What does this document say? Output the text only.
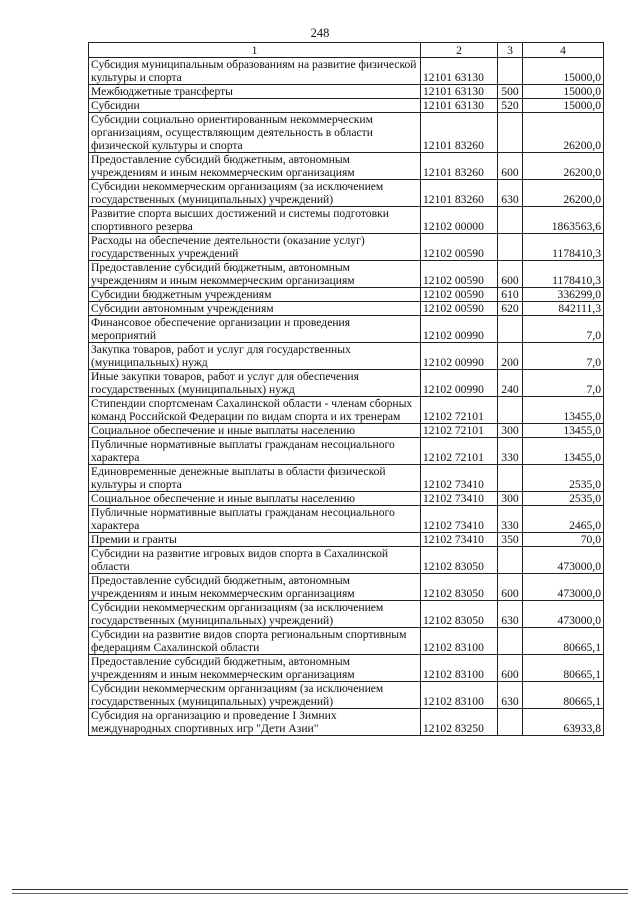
248
1	2	3	4
Субсидия муниципальным образованиям на развитие физической культуры и спорта	12101 63130		15000,0
Межбюджетные трансферты	12101 63130	500	15000,0
Субсидии	12101 63130	520	15000,0
Субсидии социально ориентированным некоммерческим организациям, осуществляющим деятельность в области физической культуры и спорта	12101 83260		26200,0
Предоставление субсидий бюджетным, автономным учреждениям и иным некоммерческим организациям	12101 83260	600	26200,0
Субсидии некоммерческим организациям (за исключением государственных (муниципальных) учреждений)	12101 83260	630	26200,0
Развитие спорта высших достижений и системы подготовки спортивного резерва	12102 00000		1863563,6
Расходы на обеспечение деятельности (оказание услуг) государственных учреждений	12102 00590		1178410,3
Предоставление субсидий бюджетным, автономным учреждениям и иным некоммерческим организациям	12102 00590	600	1178410,3
Субсидии бюджетным учреждениям	12102 00590	610	336299,0
Субсидии автономным учреждениям	12102 00590	620	842111,3
Финансовое обеспечение организации и проведения мероприятий	12102 00990		7,0
Закупка товаров, работ и услуг для государственных (муниципальных) нужд	12102 00990	200	7,0
Иные закупки товаров, работ и услуг для обеспечения государственных (муниципальных) нужд	12102 00990	240	7,0
Стипендии спортсменам Сахалинской области - членам сборных команд Российской Федерации по видам спорта и их тренерам	12102 72101		13455,0
Социальное обеспечение и иные выплаты населению	12102 72101	300	13455,0
Публичные нормативные выплаты гражданам несоциального характера	12102 72101	330	13455,0
Единовременные денежные выплаты в области физической культуры и спорта	12102 73410		2535,0
Социальное обеспечение и иные выплаты населению	12102 73410	300	2535,0
Публичные нормативные выплаты гражданам несоциального характера	12102 73410	330	2465,0
Премии и гранты	12102 73410	350	70,0
Субсидии на развитие игровых видов спорта в Сахалинской области	12102 83050		473000,0
Предоставление субсидий бюджетным, автономным учреждениям и иным некоммерческим организациям	12102 83050	600	473000,0
Субсидии некоммерческим организациям (за исключением государственных (муниципальных) учреждений)	12102 83050	630	473000,0
Субсидии на развитие видов спорта региональным спортивным федерациям Сахалинской области	12102 83100		80665,1
Предоставление субсидий бюджетным, автономным учреждениям и иным некоммерческим организациям	12102 83100	600	80665,1
Субсидии некоммерческим организациям (за исключением государственных (муниципальных) учреждений)	12102 83100	630	80665,1
Субсидия на организацию и проведение I Зимних международных спортивных игр "Дети Азии"	12102 83250		63933,8
